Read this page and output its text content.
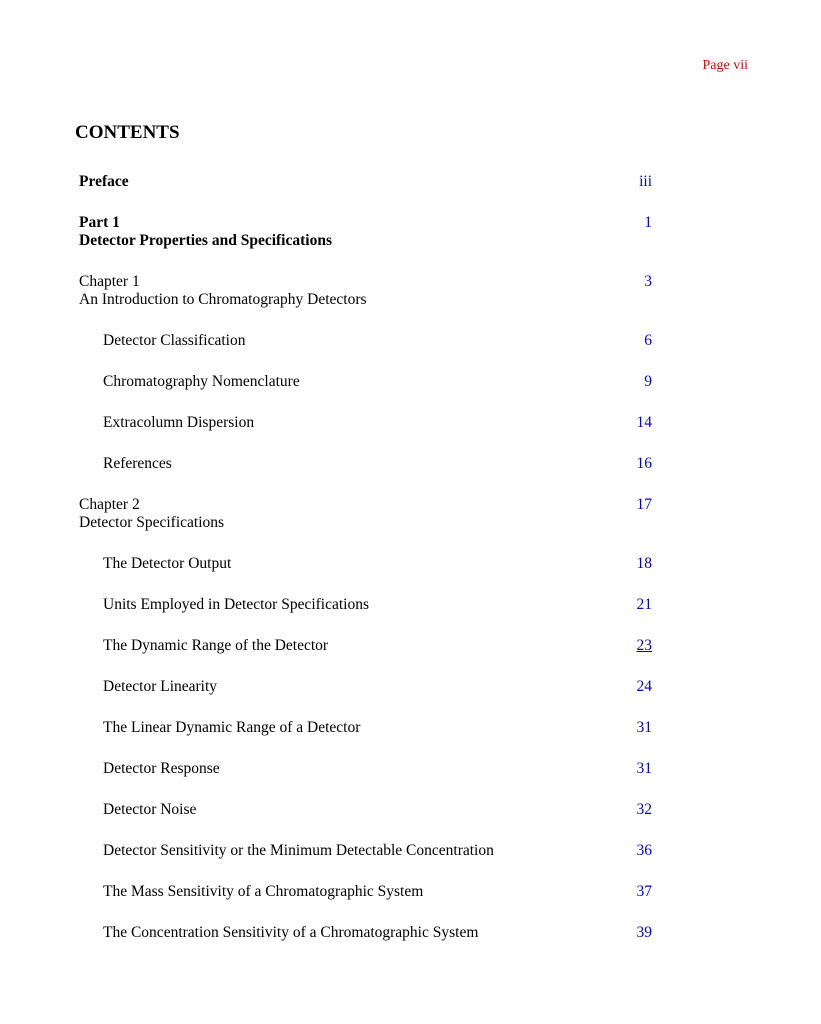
Page vii
CONTENTS
Preface	iii
Part 1
Detector Properties and Specifications
1
Chapter 1
An Introduction to Chromatography Detectors
3
Detector Classification	6
Chromatography Nomenclature	9
Extracolumn Dispersion	14
References	16
Chapter 2
Detector Specifications
17
The Detector Output	18
Units Employed in Detector Specifications	21
The Dynamic Range of the Detector	23
Detector Linearity	24
The Linear Dynamic Range of a Detector	31
Detector Response	31
Detector Noise	32
Detector Sensitivity or the Minimum Detectable Concentration	36
The Mass Sensitivity of a Chromatographic System	37
The Concentration Sensitivity of a Chromatographic System	39
